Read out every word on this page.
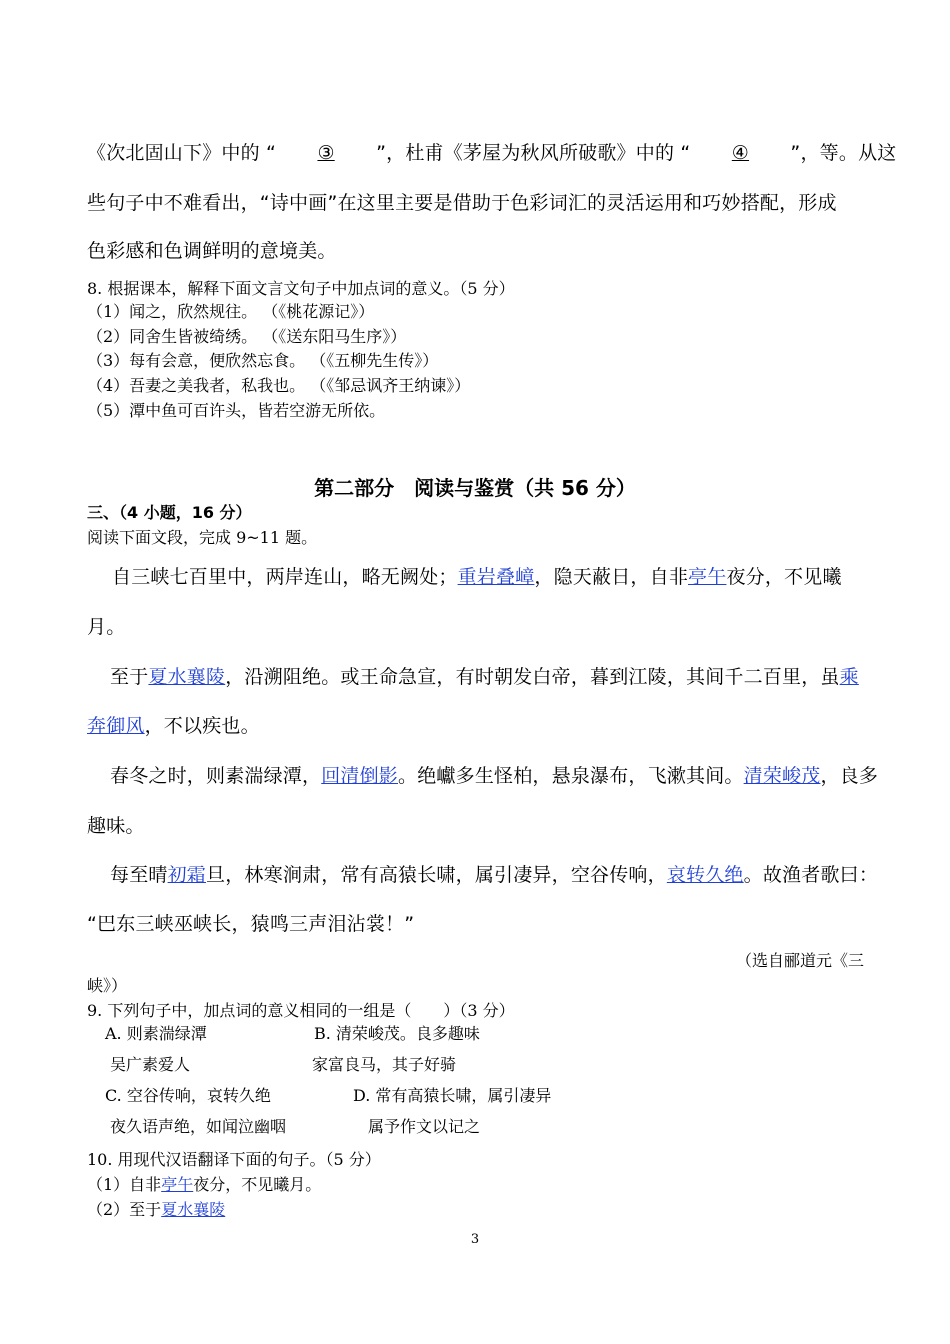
《次北固山下》中的 “ ③ ”，杜甫《茅屋为秋风所破歌》中的 “ ④ ”，等。从这
些句子中不难看出，“诗中画”在这里主要是借助于色彩词汇的灵活运用和巧妙搭配，形成
色彩感和色调鲜明的意境美。
8. 根据课本，解释下面文言文句子中加点词的意义。（5 分）
（1）闻之，欣然规往。 （《桃花源记》）
（2）同舍生皆被绮绣。 （《送东阳马生序》）
（3）每有会意，便欣然忘食。 （《五柳先生传》）
（4）吾妻之美我者，私我也。 （《邹忌讽齐王纳谏》）
（5）潭中鱼可百许头，皆若空游无所依。
第二部分　阅读与鉴赏（共 56 分）
三、（4 小题，16 分）
阅读下面文段，完成 9~11 题。
自三峡七百里中，两岸连山，略无阙处；重岩叠嶂，隐天蔽日，自非亭午夜分，不见曦
月。
至于夏水襄陵，沿溯阻绝。或王命急宣，有时朝发白帝，暮到江陵，其间千二百里，虽乘
奔御风，不以疾也。
春冬之时，则素湍绿潭，回清倒影。绝巘多生怪柏，悬泉瀑布，飞漱其间。清荣峻茂，良多
趣味。
每至晴初霜旦，林寒涧肃，常有高猿长啸，属引凄异，空谷传响，哀转久绝。故渔者歌曰：
“巴东三峡巫峡长，猿鸣三声泪沾裳！”
（选自郦道元《三
峡》）
9. 下列句子中，加点词的意义相同的一组是（　　）（3 分）
A. 则素湍绿潭	B. 清荣峻茂。良多趣味
吴广素爱人	家富良马，其子好骑
C. 空谷传响，哀转久绝	D. 常有高猿长啸，属引凄异
夜久语声绝，如闻泣幽咽	属予作文以记之
10. 用现代汉语翻译下面的句子。（5 分）
（1）自非亭午夜分，不见曦月。
（2）至于夏水襄陵
3
